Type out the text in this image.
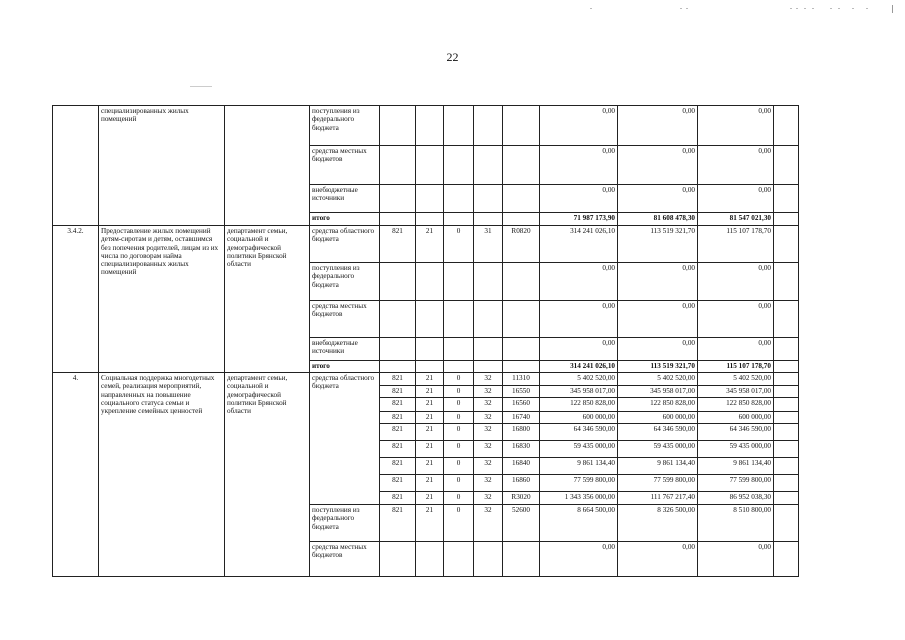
22
	специализированных жилых помещений		поступления из федерального бюджета						0,00	0,00	0,00	
			средства местных бюджетов						0,00	0,00	0,00	
			внебюджетные источники						0,00	0,00	0,00	
			итого						71 987 173,90	81 608 478,30	81 547 021,30	
3.4.2.	Предоставление жилых помещений детям-сиротам и детям, оставшимся без попечения родителей, лицам из их числа по договорам найма специализированных жилых помещений	департамент семьи, социальной и демографической политики Брянской области	средства областного бюджета	821	21	0	31	R0820	314 241 026,10	113 519 321,70	115 107 178,70	
			поступления из федерального бюджета						0,00	0,00	0,00	
			средства местных бюджетов						0,00	0,00	0,00	
			внебюджетные источники						0,00	0,00	0,00	
			итого						314 241 026,10	113 519 321,70	115 107 178,70	
4.	Социальная поддержка многодетных семей, реализация мероприятий, направленных на повышение социального статуса семьи и укрепление семейных ценностей	департамент семьи, социальной и демографической политики Брянской области	средства областного бюджета	821	21	0	32	11310	5 402 520,00	5 402 520,00	5 402 520,00	
				821	21	0	32	16550	345 958 017,00	345 958 017,00	345 958 017,00	
				821	21	0	32	16560	122 850 828,00	122 850 828,00	122 850 828,00	
				821	21	0	32	16740	600 000,00	600 000,00	600 000,00	
				821	21	0	32	16800	64 346 590,00	64 346 590,00	64 346 590,00	
				821	21	0	32	16830	59 435 000,00	59 435 000,00	59 435 000,00	
				821	21	0	32	16840	9 861 134,40	9 861 134,40	9 861 134,40	
				821	21	0	32	16860	77 599 800,00	77 599 800,00	77 599 800,00	
				821	21	0	32	R3020	1 343 356 000,00	111 767 217,40	86 952 038,30	
			поступления из федерального бюджета	821	21	0	32	52600	8 664 500,00	8 326 500,00	8 510 800,00	
			средства местных бюджетов						0,00	0,00	0,00	
